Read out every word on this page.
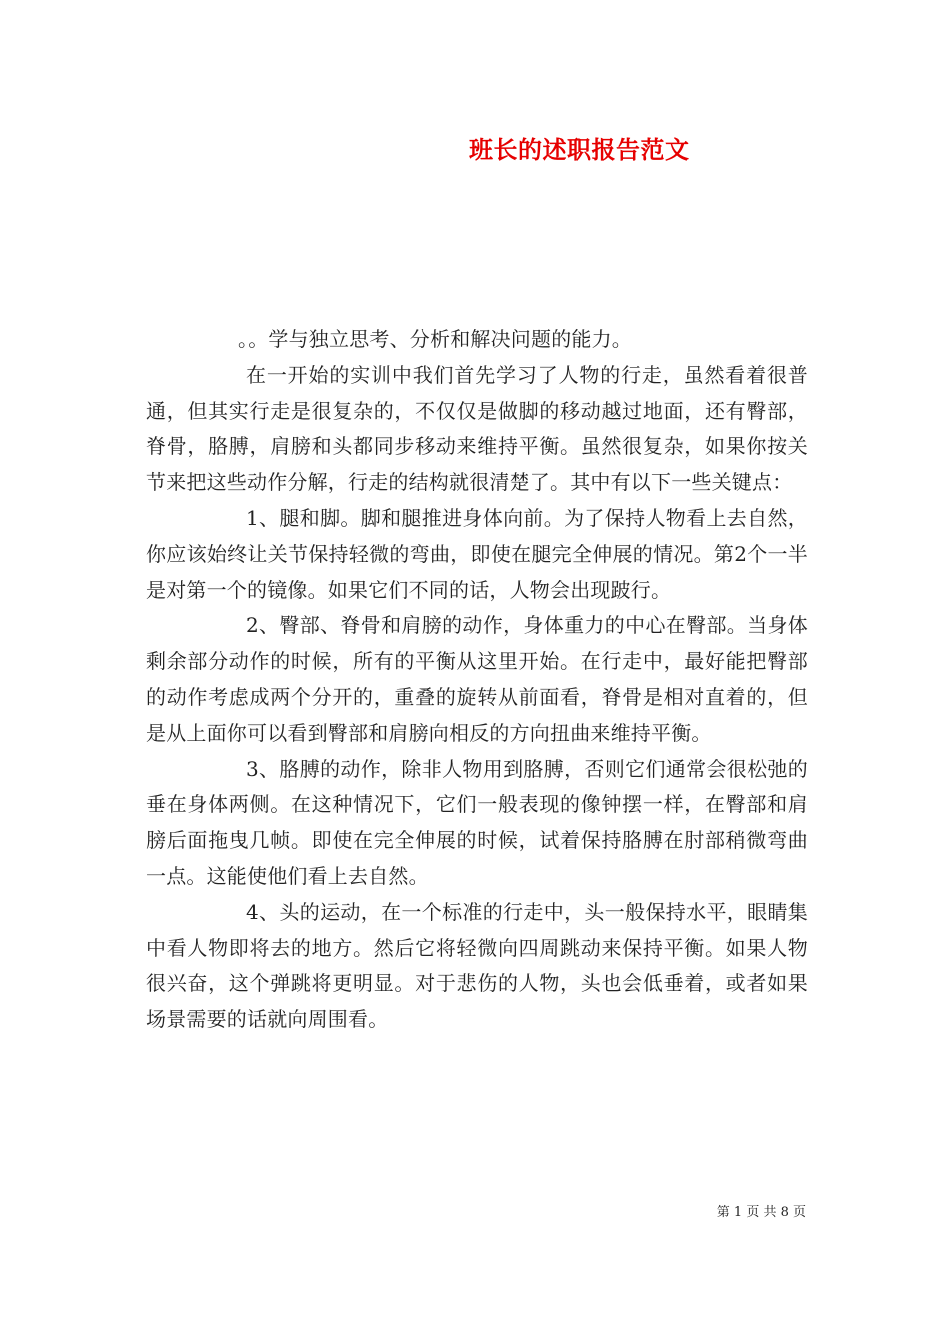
班长的述职报告范文

。。学与独立思考、分析和解决问题的能力。

在一开始的实训中我们首先学习了人物的行走，虽然看着很普通，但其实行走是很复杂的，不仅仅是做脚的移动越过地面，还有臀部，脊骨，胳膊，肩膀和头都同步移动来维持平衡。虽然很复杂，如果你按关节来把这些动作分解，行走的结构就很清楚了。其中有以下一些关键点：

1、腿和脚。脚和腿推进身体向前。为了保持人物看上去自然，你应该始终让关节保持轻微的弯曲，即使在腿完全伸展的情况。第2个一半是对第一个的镜像。如果它们不同的话，人物会出现跛行。

2、臀部、脊骨和肩膀的动作，身体重力的中心在臀部。当身体剩余部分动作的时候，所有的平衡从这里开始。在行走中，最好能把臀部的动作考虑成两个分开的，重叠的旋转从前面看，脊骨是相对直着的，但是从上面你可以看到臀部和肩膀向相反的方向扭曲来维持平衡。

3、胳膊的动作，除非人物用到胳膊，否则它们通常会很松弛的垂在身体两侧。在这种情况下，它们一般表现的像钟摆一样，在臀部和肩膀后面拖曳几帧。即使在完全伸展的时候，试着保持胳膊在肘部稍微弯曲一点。这能使他们看上去自然。

4、头的运动，在一个标准的行走中，头一般保持水平，眼睛集中看人物即将去的地方。然后它将轻微向四周跳动来保持平衡。如果人物很兴奋，这个弹跳将更明显。对于悲伤的人物，头也会低垂着，或者如果场景需要的话就向周围看。

第 1 页 共 8 页
